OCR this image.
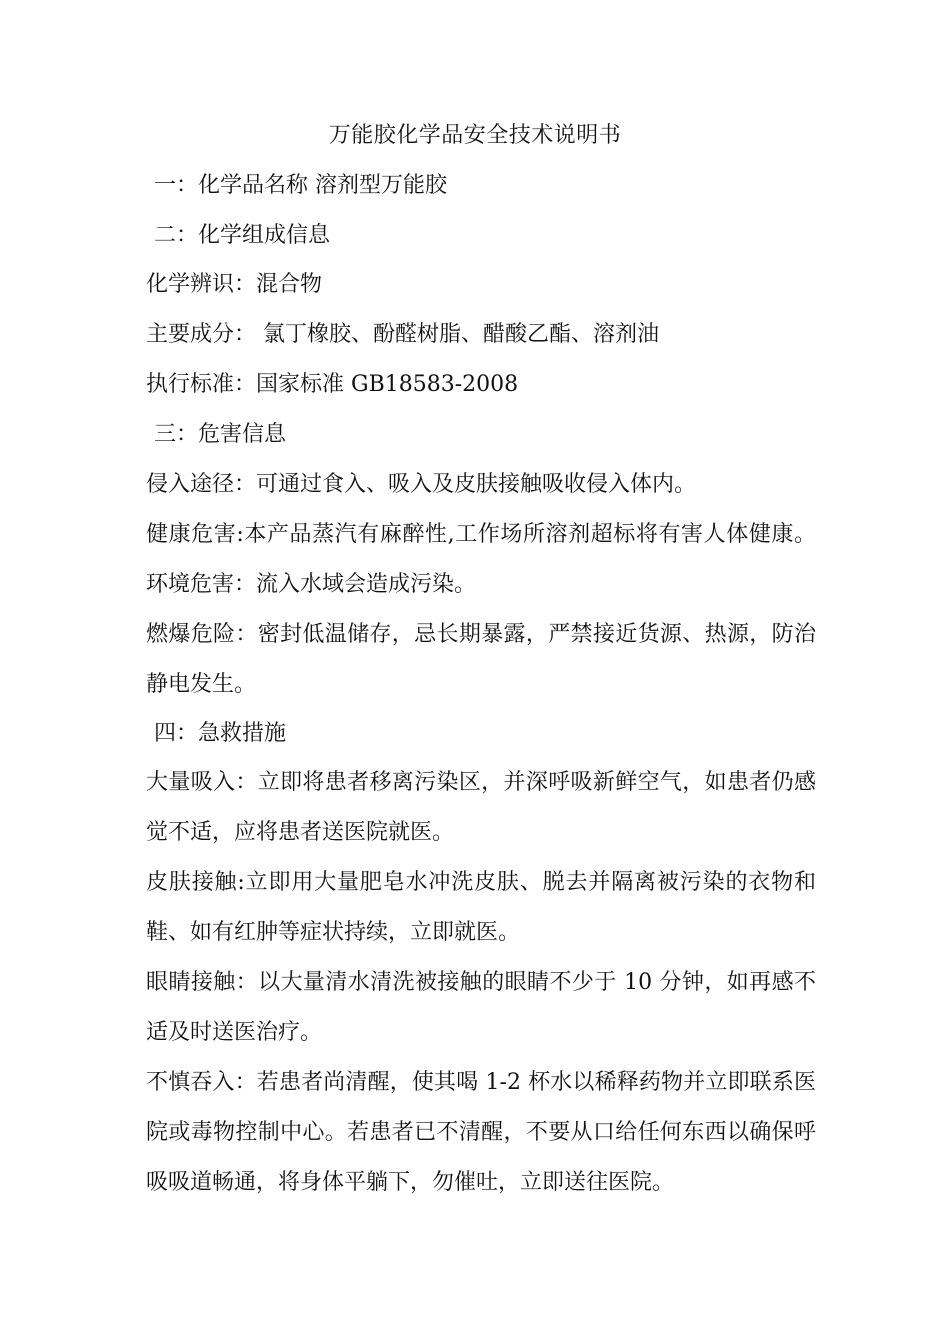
万能胶化学品安全技术说明书
一：化学品名称 溶剂型万能胶
二：化学组成信息
化学辨识：混合物
主要成分： 氯丁橡胶、酚醛树脂、醋酸乙酯、溶剂油
执行标准：国家标准 GB18583-2008
三：危害信息
侵入途径：可通过食入、吸入及皮肤接触吸收侵入体内。
健康危害:本产品蒸汽有麻醉性,工作场所溶剂超标将有害人体健康。
环境危害：流入水域会造成污染。
燃爆危险：密封低温储存，忌长期暴露，严禁接近货源、热源，防治
静电发生。
四：急救措施
大量吸入：立即将患者移离污染区，并深呼吸新鲜空气，如患者仍感
觉不适，应将患者送医院就医。
皮肤接触:立即用大量肥皂水冲洗皮肤、脱去并隔离被污染的衣物和
鞋、如有红肿等症状持续，立即就医。
眼睛接触：以大量清水清洗被接触的眼睛不少于 10 分钟，如再感不
适及时送医治疗。
不慎吞入：若患者尚清醒，使其喝 1-2 杯水以稀释药物并立即联系医
院或毒物控制中心。若患者已不清醒，不要从口给任何东西以确保呼
吸吸道畅通，将身体平躺下，勿催吐，立即送往医院。
